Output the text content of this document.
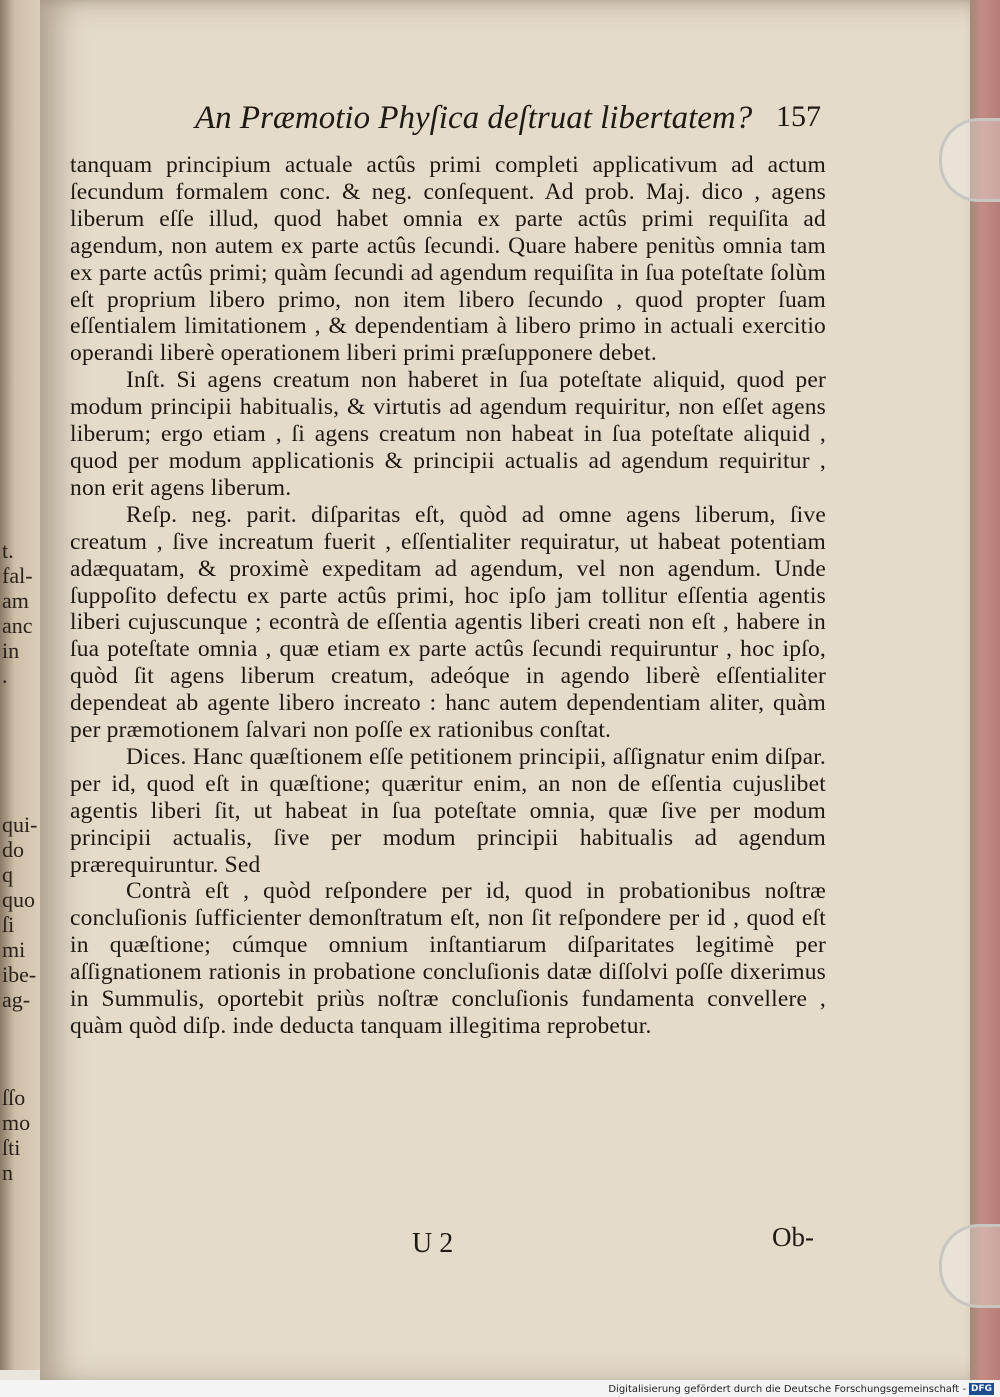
t.
fal-
am
anc
in
.
qui-
do
q
quo
ſi
mi
ibe-
ag-
ſſo
mo
ſti
n
An Præmotio Phyſica deſtruat libertatem? 157

tanquam principium actuale actûs primi completi applicativum ad actum ſecundum formalem conc. & neg. conſequent. Ad prob. Maj. dico , agens liberum eſſe illud, quod habet omnia ex parte actûs primi requiſita ad agendum, non autem ex parte actûs ſecundi. Quare habere penitùs omnia tam ex parte actûs primi; quàm ſecundi ad agendum requiſita in ſua poteſtate ſolùm eſt proprium libero primo, non item libero ſecundo , quod propter ſuam eſſentialem limitationem , & dependentiam à libero primo in actuali exercitio operandi liberè operationem liberi primi præſupponere debet.

Inſt. Si agens creatum non haberet in ſua poteſtate aliquid, quod per modum principii habitualis, & virtutis ad agendum requiritur, non eſſet agens liberum; ergo etiam , ſi agens creatum non habeat in ſua poteſtate aliquid , quod per modum applicationis & principii actualis ad agendum requiritur , non erit agens liberum.

Reſp. neg. parit. diſparitas eſt, quòd ad omne agens liberum, ſive creatum , ſive increatum fuerit , eſſentialiter requiratur, ut habeat potentiam adæquatam, & proximè expeditam ad agendum, vel non agendum. Unde ſuppoſito defectu ex parte actûs primi, hoc ipſo jam tollitur eſſentia agentis liberi cujuscunque ; econtrà de eſſentia agentis liberi creati non eſt , habere in ſua poteſtate omnia , quæ etiam ex parte actûs ſecundi requiruntur , hoc ipſo, quòd ſit agens liberum creatum, adeóque in agendo liberè eſſentialiter dependeat ab agente libero increato : hanc autem dependentiam aliter, quàm per præmotionem ſalvari non poſſe ex rationibus conſtat.

Dices. Hanc quæſtionem eſſe petitionem principii, aſſignatur enim diſpar. per id, quod eſt in quæſtione; quæritur enim, an non de eſſentia cujuslibet agentis liberi ſit, ut habeat in ſua poteſtate omnia, quæ ſive per modum principii actualis, ſive per modum principii habitualis ad agendum prærequiruntur. Sed

Contrà eſt , quòd reſpondere per id, quod in probationibus noſtræ concluſionis ſufficienter demonſtratum eſt, non ſit reſpondere per id , quod eſt in quæſtione; cúmque omnium inſtantiarum diſparitates legitimè per aſſignationem rationis in probatione concluſionis datæ diſſolvi poſſe dixerimus in Summulis, oportebit priùs noſtræ concluſionis fundamenta convellere , quàm quòd diſp. inde deducta tanquam illegitima reprobetur.

U 2	Ob-
Digitalisierung gefördert durch die Deutsche Forschungsgemeinschaft - DFG
